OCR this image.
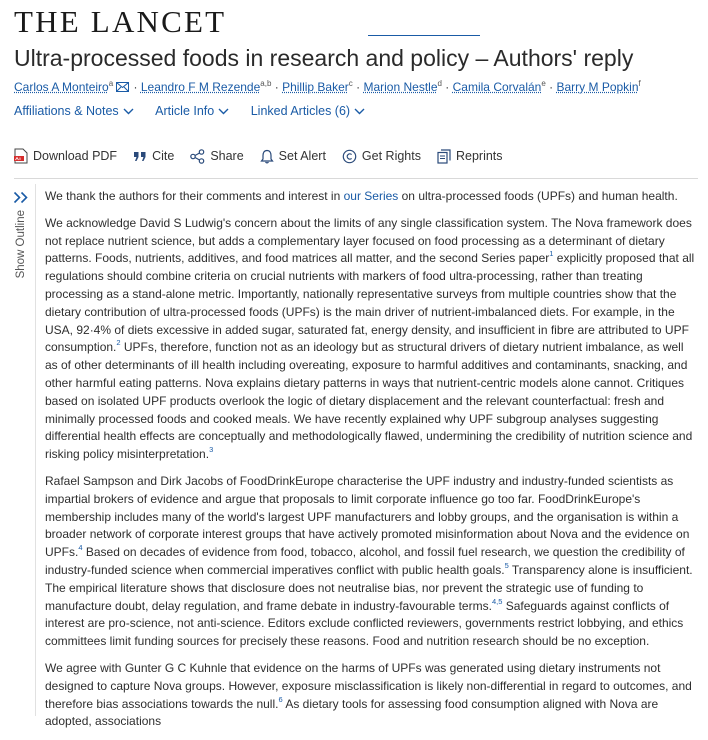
THE LANCET
Ultra-processed foods in research and policy – Authors' reply
Carlos A Monteiro$^a$ · Leandro F M Rezende$^{a,b}$ · Phillip Baker$^c$ · Marion Nestle$^d$ · Camila Corvalán$^e$ · Barry M Popkin$^f$
Affiliations & Notes
	Article Info
	Linked Articles (6)
Download PDF	Cite	Share	Set Alert	Get Rights	Reprints
Show Outline

We thank the authors for their comments and interest in our Series on ultra-processed foods (UPFs) and human health.

We acknowledge David S Ludwig's concern about the limits of any single classification system. The Nova framework does not replace nutrient science, but adds a complementary layer focused on food processing as a determinant of dietary patterns. Foods, nutrients, additives, and food matrices all matter, and the second Series paper$^1$ explicitly proposed that all regulations should combine criteria on crucial nutrients with markers of food ultra-processing, rather than treating processing as a stand-alone metric. Importantly, nationally representative surveys from multiple countries show that the dietary contribution of ultra-processed foods (UPFs) is the main driver of nutrient-imbalanced diets. For example, in the USA, 92·4% of diets excessive in added sugar, saturated fat, energy density, and insufficient in fibre are attributed to UPF consumption.$^2$ UPFs, therefore, function not as an ideology but as structural drivers of dietary nutrient imbalance, as well as of other determinants of ill health including overeating, exposure to harmful additives and contaminants, snacking, and other harmful eating patterns. Nova explains dietary patterns in ways that nutrient-centric models alone cannot. Critiques based on isolated UPF products overlook the logic of dietary displacement and the relevant counterfactual: fresh and minimally processed foods and cooked meals. We have recently explained why UPF subgroup analyses suggesting differential health effects are conceptually and methodologically flawed, undermining the credibility of nutrition science and risking policy misinterpretation.$^3$

Rafael Sampson and Dirk Jacobs of FoodDrinkEurope characterise the UPF industry and industry-funded scientists as impartial brokers of evidence and argue that proposals to limit corporate influence go too far. FoodDrinkEurope's membership includes many of the world's largest UPF manufacturers and lobby groups, and the organisation is within a broader network of corporate interest groups that have actively promoted misinformation about Nova and the evidence on UPFs.$^4$ Based on decades of evidence from food, tobacco, alcohol, and fossil fuel research, we question the credibility of industry-funded science when commercial imperatives conflict with public health goals.$^5$ Transparency alone is insufficient. The empirical literature shows that disclosure does not neutralise bias, nor prevent the strategic use of funding to manufacture doubt, delay regulation, and frame debate in industry-favourable terms.$^{4,5}$ Safeguards against conflicts of interest are pro-science, not anti-science. Editors exclude conflicted reviewers, governments restrict lobbying, and ethics committees limit funding sources for precisely these reasons. Food and nutrition research should be no exception.

We agree with Gunter G C Kuhnle that evidence on the harms of UPFs was generated using dietary instruments not designed to capture Nova groups. However, exposure misclassification is likely non-differential in regard to outcomes, and therefore bias associations towards the null.$^6$ As dietary tools for assessing food consumption aligned with Nova are adopted, associations
